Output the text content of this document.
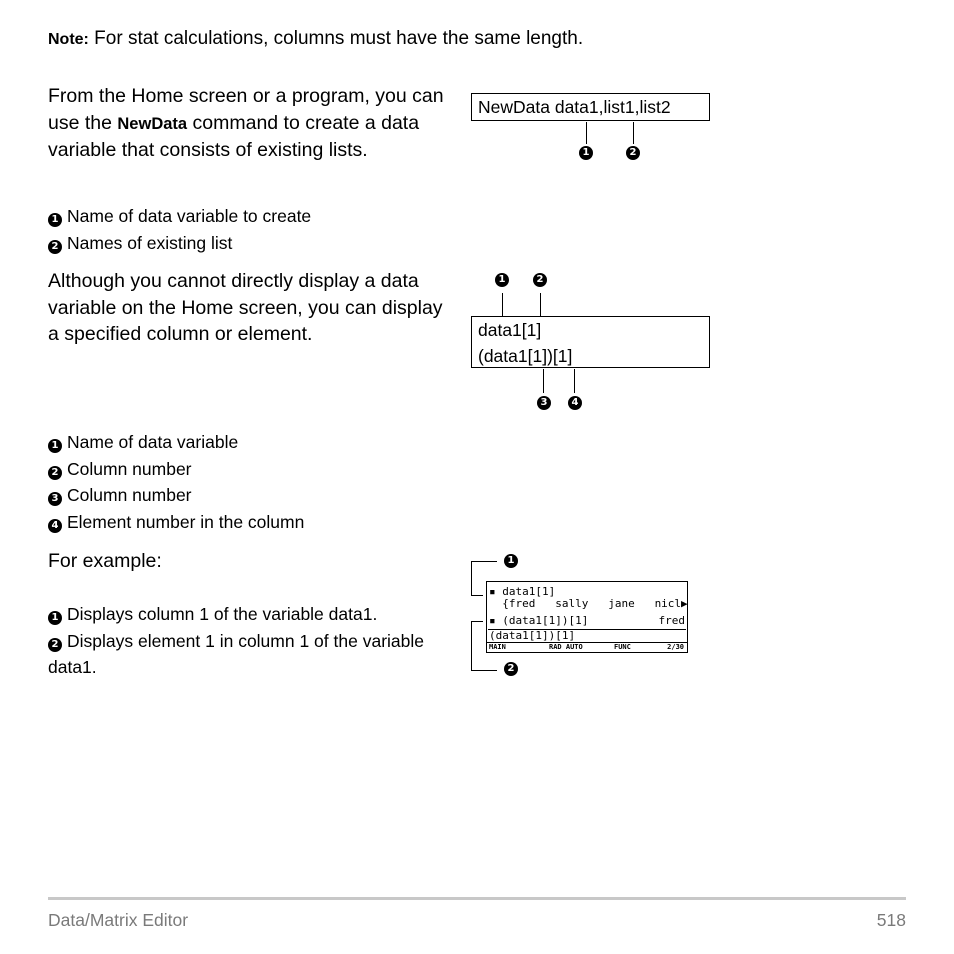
Note: For stat calculations, columns must have the same length.
From the Home screen or a program, you can use the NewData command to create a data variable that consists of existing lists.
NewData data1,list1,list2
1	2
1 Name of data variable to create
2 Names of existing list
Although you cannot directly display a data variable on the Home screen, you can display a specified column or element.
1	2
data1[1]
(data1[1])[1]
3	4
1 Name of data variable
2 Column number
3 Column number
4 Element number in the column
For example:
1 Displays column 1 of the variable data1.
2 Displays element 1 in column 1 of the variable data1.
1
2
▪ data1[1]
{fred   sally   jane   nicl▶
▪ (data1[1])[1]	fred
(data1[1])[1]
MAIN	RAD AUTO	FUNC	2/30
Data/Matrix Editor	518
